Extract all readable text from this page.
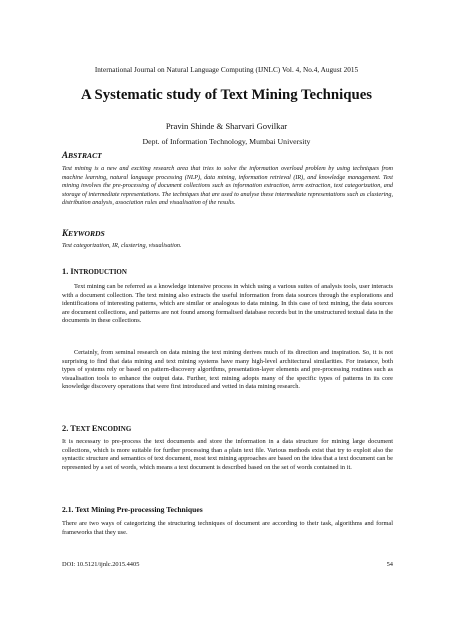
International Journal on Natural Language Computing (IJNLC) Vol. 4, No.4, August 2015
A Systematic study of Text Mining Techniques
Pravin Shinde & Sharvari Govilkar
Dept. of Information Technology, Mumbai University
ABSTRACT
Text mining is a new and exciting research area that tries to solve the information overload problem by using techniques from machine learning, natural language processing (NLP), data mining, information retrieval (IR), and knowledge management. Text mining involves the pre-processing of document collections such as information extraction, term extraction, text categorization, and storage of intermediate representations. The techniques that are used to analyse these intermediate representations such as clustering, distribution analysis, association rules and visualisation of the results.
KEYWORDS
Text categorization, IR, clustering, visualisation.
1. INTRODUCTION
Text mining can be referred as a knowledge intensive process in which using a various suites of analysis tools, user interacts with a document collection. The text mining also extracts the useful information from data sources through the explorations and identifications of interesting patterns, which are similar or analogous to data mining. In this case of text mining, the data sources are document collections, and patterns are not found among formalised database records but in the unstructured textual data in the documents in these collections.
Certainly, from seminal research on data mining the text mining derives much of its direction and inspiration. So, it is not surprising to find that data mining and text mining systems have many high-level architectural similarities. For instance, both types of systems rely or based on pattern-discovery algorithms, presentation-layer elements and pre-processing routines such as visualisation tools to enhance the output data. Further, text mining adopts many of the specific types of patterns in its core knowledge discovery operations that were first introduced and vetted in data mining research.
2. TEXT ENCODING
It is necessary to pre-process the text documents and store the information in a data structure for mining large document collections, which is more suitable for further processing than a plain text file. Various methods exist that try to exploit also the syntactic structure and semantics of text document, most text mining approaches are based on the idea that a text document can be represented by a set of words, which means a text document is described based on the set of words contained in it.
2.1. Text Mining Pre-processing Techniques
There are two ways of categorizing the structuring techniques of document are according to their task, algorithms and formal frameworks that they use.
DOI: 10.5121/ijnlc.2015.4405	54
